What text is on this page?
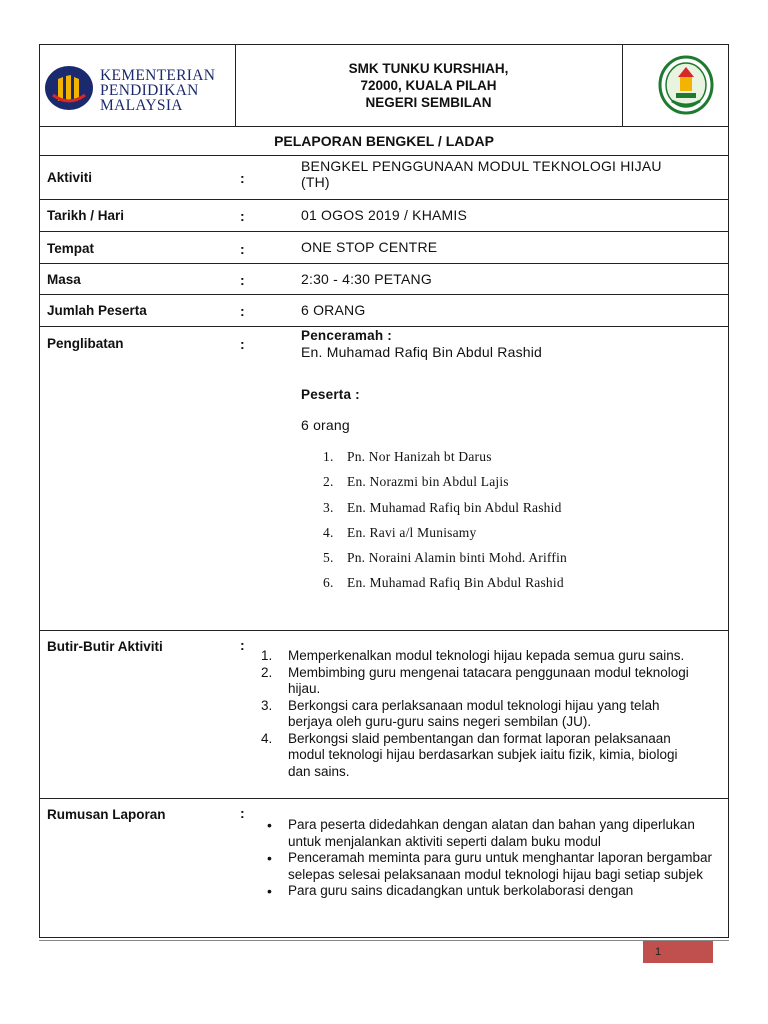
KEMENTERIAN
PENDIDIKAN
MALAYSIA
SMK TUNKU KURSHIAH,
72000, KUALA PILAH
NEGERI SEMBILAN
PELAPORAN BENGKEL / LADAP
Aktiviti	:
BENGKEL PENGGUNAAN MODUL TEKNOLOGI HIJAU
(TH)
Tarikh / Hari	:	01 OGOS 2019 / KHAMIS
Tempat	:	ONE STOP CENTRE
Masa	:	2:30 - 4:30 PETANG
Jumlah Peserta	:	6 ORANG
Penglibatan	:
Penceramah :
En. Muhamad Rafiq Bin Abdul Rashid
Peserta :
6 orang
1. Pn. Nor Hanizah bt Darus
2. En. Norazmi bin Abdul Lajis
3. En. Muhamad Rafiq bin Abdul Rashid
4. En. Ravi a/l Munisamy
5. Pn. Noraini Alamin binti Mohd. Ariffin
6. En. Muhamad Rafiq Bin Abdul Rashid
Butir-Butir Aktiviti	:
1. Memperkenalkan modul teknologi hijau kepada semua guru sains.
2. Membimbing guru mengenai tatacara penggunaan modul teknologi hijau.
3. Berkongsi cara perlaksanaan modul teknologi hijau yang telah berjaya oleh guru-guru sains negeri sembilan (JU).
4. Berkongsi slaid pembentangan dan format laporan pelaksanaan modul teknologi hijau berdasarkan subjek iaitu fizik, kimia, biologi dan sains.
Rumusan Laporan	:
• Para peserta didedahkan dengan alatan dan bahan yang diperlukan untuk menjalankan aktiviti seperti dalam buku modul
• Penceramah meminta para guru untuk menghantar laporan bergambar selepas selesai pelaksanaan modul teknologi hijau bagi setiap subjek
• Para guru sains dicadangkan untuk berkolaborasi dengan
1
